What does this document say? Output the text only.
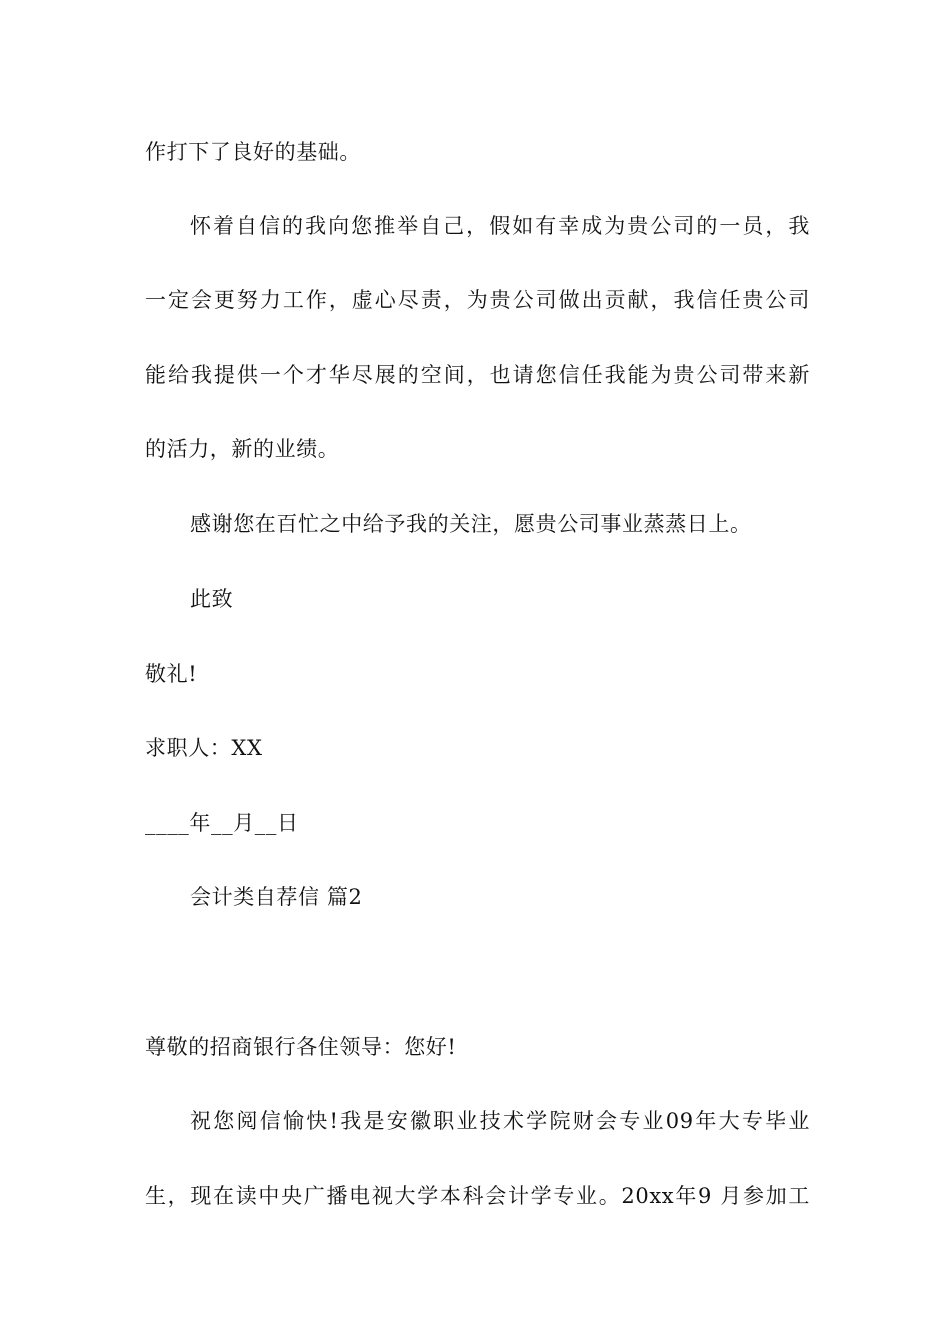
作打下了良好的基础。
怀着自信的我向您推举自己，假如有幸成为贵公司的一员，我
一定会更努力工作，虚心尽责，为贵公司做出贡献，我信任贵公司
能给我提供一个才华尽展的空间，也请您信任我能为贵公司带来新
的活力，新的业绩。
感谢您在百忙之中给予我的关注，愿贵公司事业蒸蒸日上。
此致
敬礼!
求职人：XX
____年__月__日
会计类自荐信 篇2
尊敬的招商银行各住领导：您好!
祝您阅信愉快!我是安徽职业技术学院财会专业09年大专毕业
生，现在读中央广播电视大学本科会计学专业。20xx年9 月参加工
